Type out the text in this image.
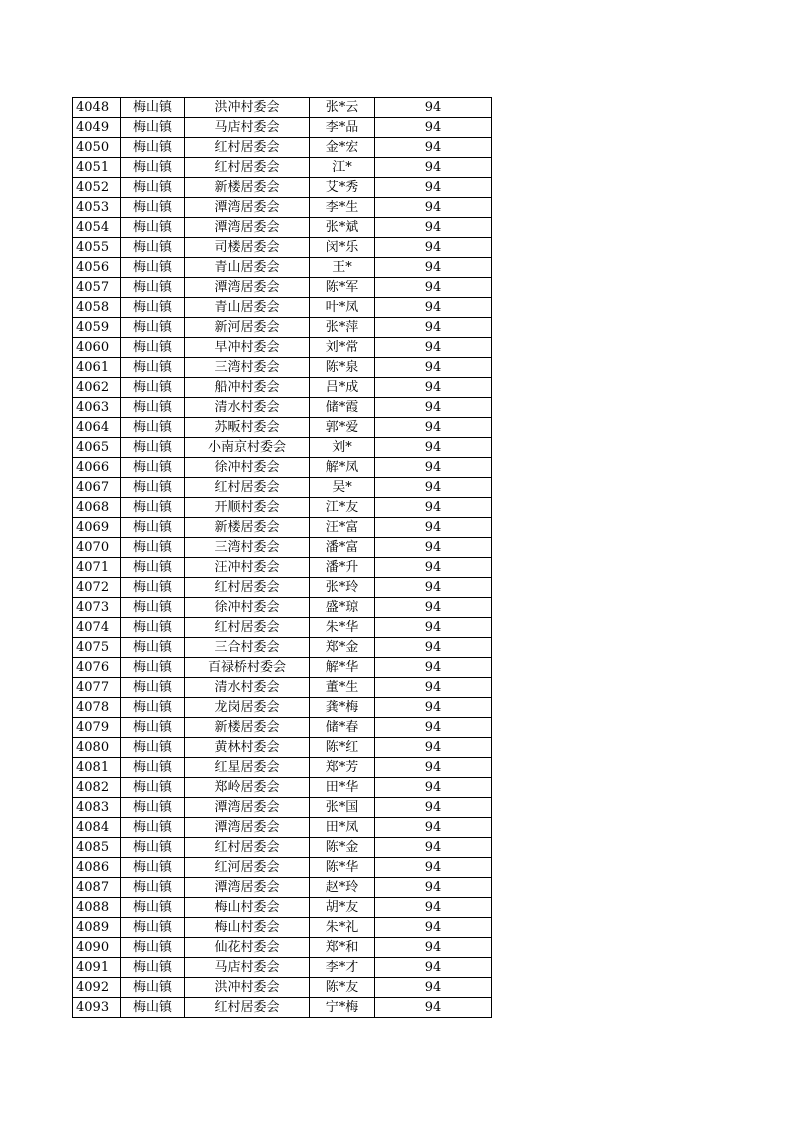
4048	梅山镇	洪冲村委会	张*云	94
4049	梅山镇	马店村委会	李*品	94
4050	梅山镇	红村居委会	金*宏	94
4051	梅山镇	红村居委会	江*	94
4052	梅山镇	新楼居委会	艾*秀	94
4053	梅山镇	潭湾居委会	李*生	94
4054	梅山镇	潭湾居委会	张*斌	94
4055	梅山镇	司楼居委会	闵*乐	94
4056	梅山镇	青山居委会	王*	94
4057	梅山镇	潭湾居委会	陈*军	94
4058	梅山镇	青山居委会	叶*凤	94
4059	梅山镇	新河居委会	张*萍	94
4060	梅山镇	早冲村委会	刘*常	94
4061	梅山镇	三湾村委会	陈*泉	94
4062	梅山镇	船冲村委会	吕*成	94
4063	梅山镇	清水村委会	储*霞	94
4064	梅山镇	苏畈村委会	郭*爱	94
4065	梅山镇	小南京村委会	刘*	94
4066	梅山镇	徐冲村委会	解*凤	94
4067	梅山镇	红村居委会	吴*	94
4068	梅山镇	开顺村委会	江*友	94
4069	梅山镇	新楼居委会	汪*富	94
4070	梅山镇	三湾村委会	潘*富	94
4071	梅山镇	汪冲村委会	潘*升	94
4072	梅山镇	红村居委会	张*玲	94
4073	梅山镇	徐冲村委会	盛*琼	94
4074	梅山镇	红村居委会	朱*华	94
4075	梅山镇	三合村委会	郑*金	94
4076	梅山镇	百禄桥村委会	解*华	94
4077	梅山镇	清水村委会	董*生	94
4078	梅山镇	龙岗居委会	龚*梅	94
4079	梅山镇	新楼居委会	储*春	94
4080	梅山镇	黄林村委会	陈*红	94
4081	梅山镇	红星居委会	郑*芳	94
4082	梅山镇	郑岭居委会	田*华	94
4083	梅山镇	潭湾居委会	张*国	94
4084	梅山镇	潭湾居委会	田*凤	94
4085	梅山镇	红村居委会	陈*金	94
4086	梅山镇	红河居委会	陈*华	94
4087	梅山镇	潭湾居委会	赵*玲	94
4088	梅山镇	梅山村委会	胡*友	94
4089	梅山镇	梅山村委会	朱*礼	94
4090	梅山镇	仙花村委会	郑*和	94
4091	梅山镇	马店村委会	李*才	94
4092	梅山镇	洪冲村委会	陈*友	94
4093	梅山镇	红村居委会	宁*梅	94
